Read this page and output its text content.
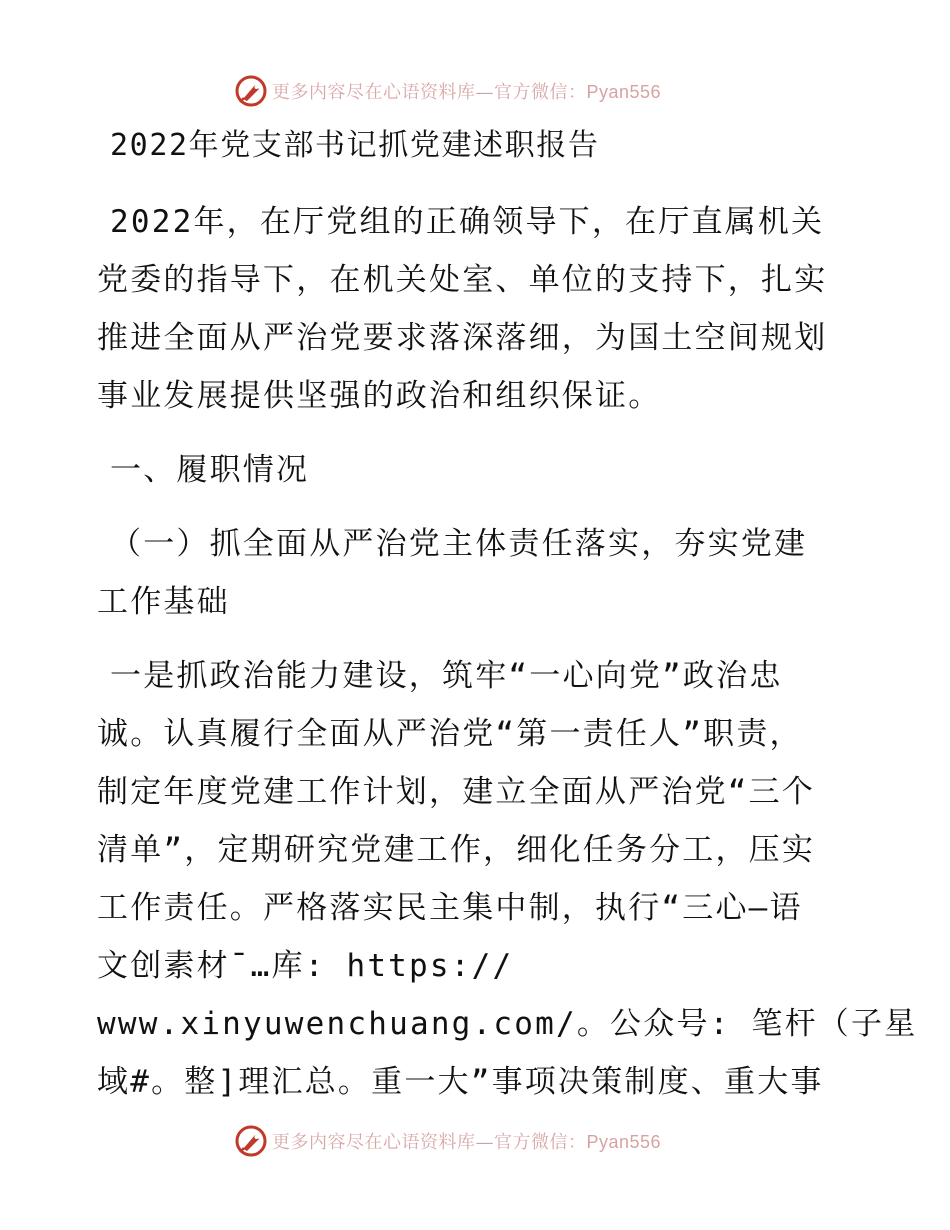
更多内容尽在心语资料库—官方微信：Pyan556

2022年党支部书记抓党建述职报告

2022年，在厅党组的正确领导下，在厅直属机关

党委的指导下，在机关处室、单位的支持下，扎实

推进全面从严治党要求落深落细，为国土空间规划

事业发展提供坚强的政治和组织保证。

一、履职情况

（一）抓全面从严治党主体责任落实，夯实党建

工作基础

一是抓政治能力建设，筑牢“一心向党”政治忠

诚。认真履行全面从严治党“第一责任人”职责，

制定年度党建工作计划，建立全面从严治党“三个

清单”，定期研究党建工作，细化任务分工，压实

工作责任。严格落实民主集中制，执行“三心—语

文创素材¯…库: https://

www.xinyuwenchuang.com/。公众号: 笔杆（子星

域#。整]理汇总。重一大”事项决策制度、重大事

更多内容尽在心语资料库—官方微信：Pyan556
